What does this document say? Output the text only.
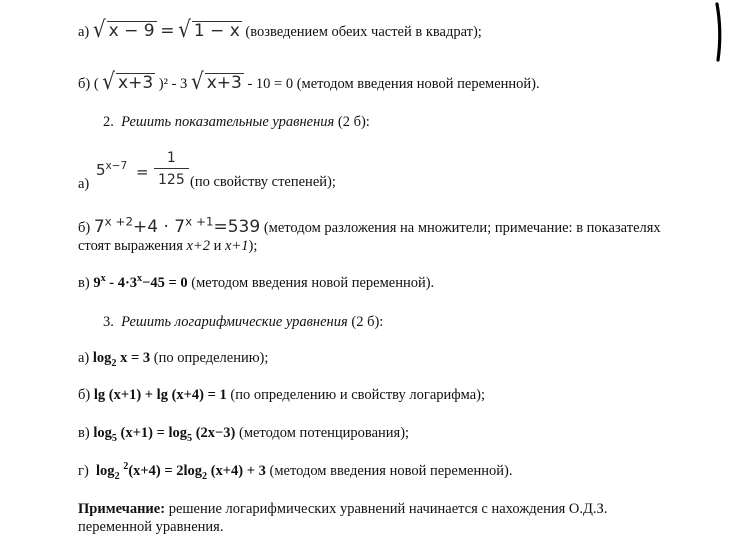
а) √ x − 9 = √ 1 − x (возведением обеих частей в квадрат);
б) ( √ x+3 )² - 3 √ x+3 - 10 = 0 (методом введения новой переменной).
2. Решить показательные уравнения (2 б):
а)
$5^{x-7} = \frac{1}{125} (по$ свойству степеней);
б) $7^{x +2}+4 \cdot 7^{x +1}=539$ (методом разложения на множители; примечание: в показателях
стоят выражения x+2 и x+1);
в) $9^x - 4\cdot 3^x-45 = 0$ (методом введения новой переменной).
3. Решить логарифмические уравнения (2 б):
а) $\log_2 x = 3$ (по определению);
б) lg (x+1) + lg (x+4) = 1 (по определению и свойству логарифма);
в) $\log_5 (x+1) = \log_5 (2x-3)$ (методом потенцирования);
г) $\log_2 ^2(x+4) = 2\log_2$ (x+4) + 3 (методом введения новой переменной).
Примечание: решение логарифмических уравнений начинается с нахождения О.Д.З.
переменной уравнения.
